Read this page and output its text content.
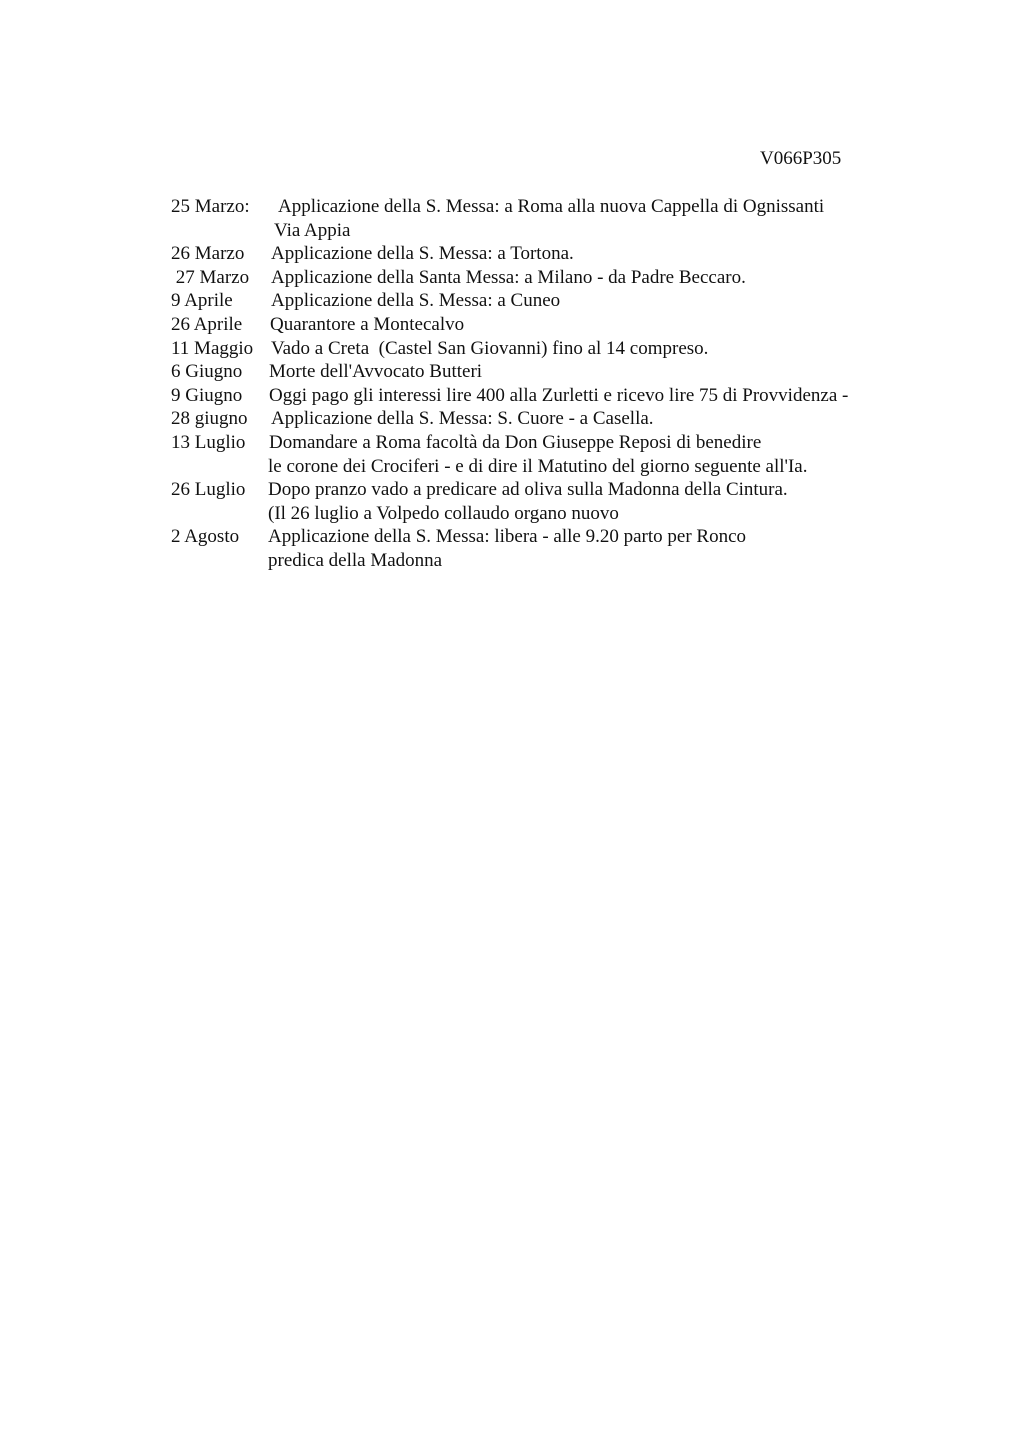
V066P305

25 Marzo:

Applicazione della S. Messa: a Roma alla nuova Cappella di Ognissanti

Via Appia

26 Marzo

Applicazione della S. Messa: a Tortona.

27 Marzo

Applicazione della Santa Messa: a Milano - da Padre Beccaro.

9 Aprile

Applicazione della S. Messa: a Cuneo

26 Aprile

Quarantore a Montecalvo

11 Maggio

Vado a Creta  (Castel San Giovanni) fino al 14 compreso.

6 Giugno

Morte dell'Avvocato Butteri

9 Giugno

Oggi pago gli interessi lire 400 alla Zurletti e ricevo lire 75 di Provvidenza -

28 giugno

Applicazione della S. Messa: S. Cuore - a Casella.

13 Luglio

Domandare a Roma facoltà da Don Giuseppe Reposi di benedire

le corone dei Crociferi - e di dire il Matutino del giorno seguente all'Ia.

26 Luglio

Dopo pranzo vado a predicare ad oliva sulla Madonna della Cintura.

(Il 26 luglio a Volpedo collaudo organo nuovo

2 Agosto

Applicazione della S. Messa: libera - alle 9.20 parto per Ronco

predica della Madonna
